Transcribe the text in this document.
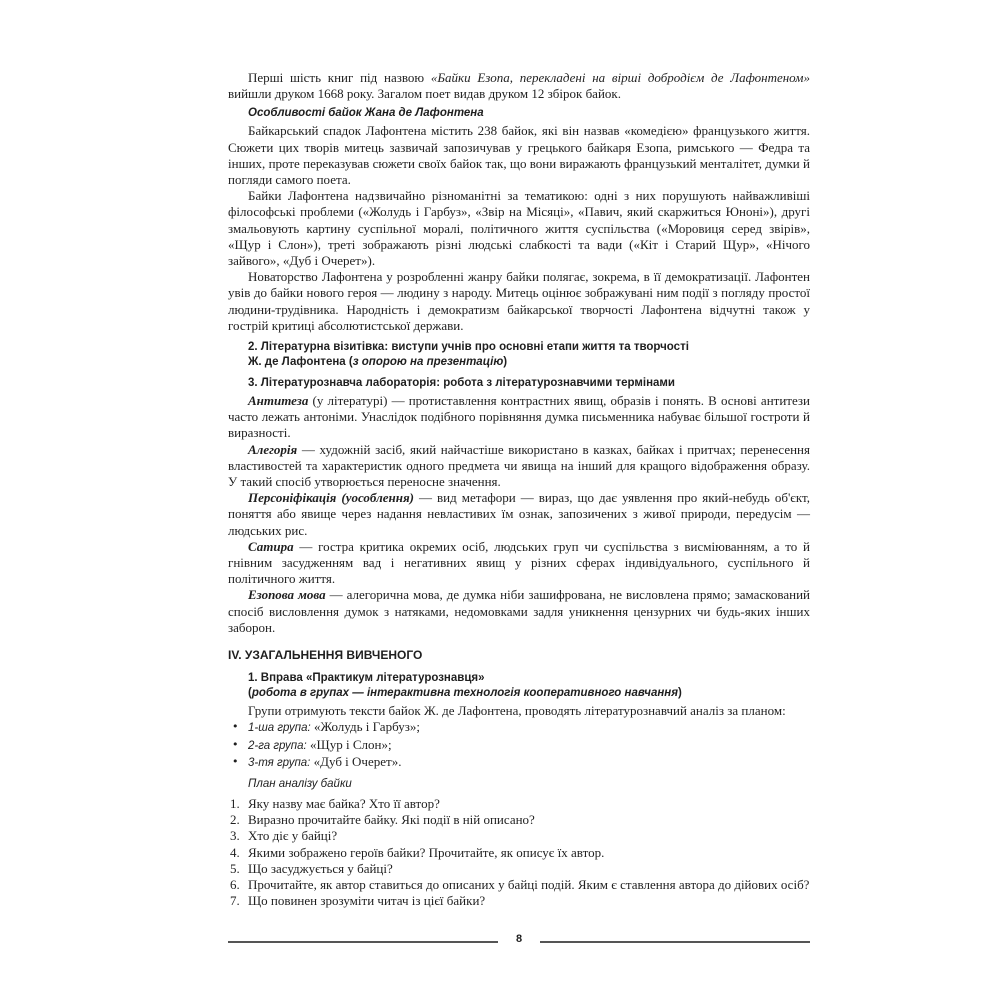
Перші шість книг під назвою «Байки Езопа, перекладені на вірші добродієм де Лафонтеном» вийшли друком 1668 року. Загалом поет видав друком 12 збірок байок.

Особливості байок Жана де Лафонтена

Байкарський спадок Лафонтена містить 238 байок, які він назвав «комедією» французького життя. Сюжети цих творів митець зазвичай запозичував у грецького байкаря Езопа, римського — Федра та інших, проте переказував сюжети своїх байок так, що вони виражають французький менталітет, думки й погляди самого поета.

Байки Лафонтена надзвичайно різноманітні за тематикою: одні з них порушують найважливіші філософські проблеми («Жолудь і Гарбуз», «Звір на Місяці», «Павич, який скаржиться Юноні»), другі змальовують картину суспільної моралі, політичного життя суспільства («Моровиця серед звірів», «Щур і Слон»), треті зображають різні людські слабкості та вади («Кіт і Старий Щур», «Нічого зайвого», «Дуб і Очерет»).

Новаторство Лафонтена у розробленні жанру байки полягає, зокрема, в її демократизації. Лафонтен увів до байки нового героя — людину з народу. Митець оцінює зображувані ним події з погляду простої людини-трудівника. Народність і демократизм байкарської творчості Лафонтена відчутні також у гострій критиці абсолютистської держави.

2. Літературна візитівка: виступи учнів про основні етапи життя та творчості
Ж. де Лафонтена (з опорою на презентацію)
3. Літературознавча лабораторія: робота з літературознавчими термінами

Антитеза (у літературі) — протиставлення контрастних явищ, образів і понять. В основі антитези часто лежать антоніми. Унаслідок подібного порівняння думка письменника набуває більшої гостроти й виразності.

Алегорія — художній засіб, який найчастіше використано в казках, байках і притчах; перенесення властивостей та характеристик одного предмета чи явища на інший для кращого відображення образу. У такий спосіб утворюється переносне значення.

Персоніфікація (уособлення) — вид метафори — вираз, що дає уявлення про який-небудь об'єкт, поняття або явище через надання невластивих їм ознак, запозичених з живої природи, передусім — людських рис.

Сатира — гостра критика окремих осіб, людських груп чи суспільства з висміюванням, а то й гнівним засудженням вад і негативних явищ у різних сферах індивідуального, суспільного й політичного життя.

Езопова мова — алегорична мова, де думка ніби зашифрована, не висловлена прямо; замаскований спосіб висловлення думок з натяками, недомовками задля уникнення цензурних чи будь-яких інших заборон.

IV. УЗАГАЛЬНЕННЯ ВИВЧЕНОГО
1. Вправа «Практикум літературознавця»
(робота в групах — інтерактивна технологія кооперативного навчання)

Групи отримують тексти байок Ж. де Лафонтена, проводять літературознавчий аналіз за планом:

• 1-ша група: «Жолудь і Гарбуз»;
• 2-га група: «Щур і Слон»;
• 3-тя група: «Дуб і Очерет».
План аналізу байки
1. Яку назву має байка? Хто її автор?
2. Виразно прочитайте байку. Які події в ній описано?
3. Хто діє у байці?
4. Якими зображено героїв байки? Прочитайте, як описує їх автор.
5. Що засуджується у байці?
6. Прочитайте, як автор ставиться до описаних у байці подій. Яким є ставлення автора до дійових осіб?
7. Що повинен зрозуміти читач із цієї байки?
8
